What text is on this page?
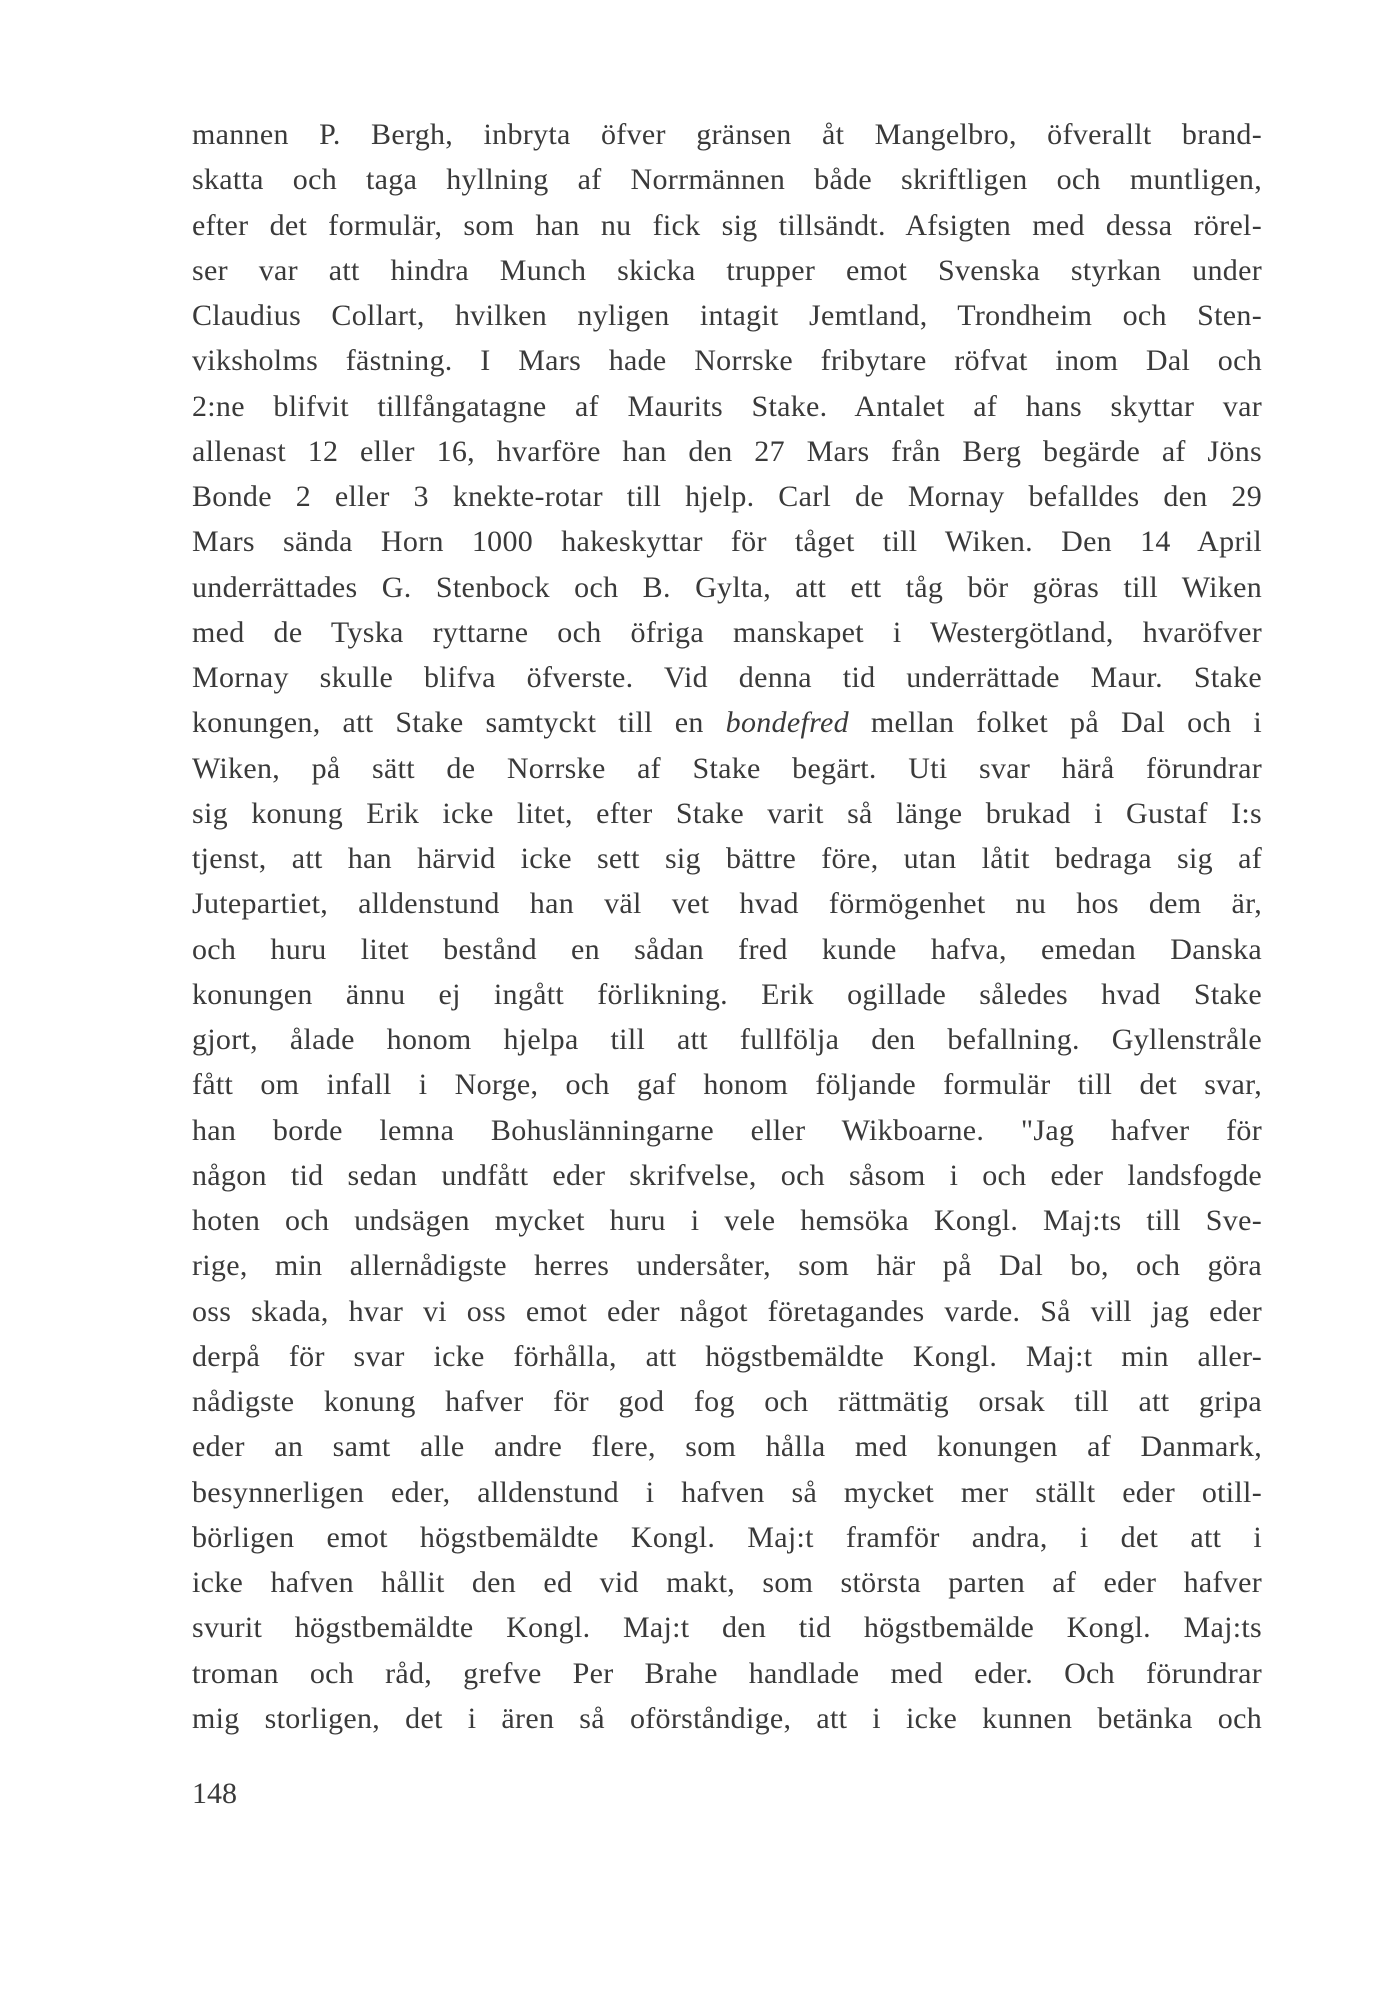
mannen P. Bergh, inbryta öfver gränsen åt Mangelbro, öfverallt brand-
skatta och taga hyllning af Norrmännen både skriftligen och muntligen,
efter det formulär, som han nu fick sig tillsändt. Afsigten med dessa rörel-
ser var att hindra Munch skicka trupper emot Svenska styrkan under
Claudius Collart, hvilken nyligen intagit Jemtland, Trondheim och Sten-
viksholms fästning. I Mars hade Norrske fribytare röfvat inom Dal och
2:ne blifvit tillfångatagne af Maurits Stake. Antalet af hans skyttar var
allenast 12 eller 16, hvarföre han den 27 Mars från Berg begärde af Jöns
Bonde 2 eller 3 knekte-rotar till hjelp. Carl de Mornay befalldes den 29
Mars sända Horn 1000 hakeskyttar för tåget till Wiken. Den 14 April
underrättades G. Stenbock och B. Gylta, att ett tåg bör göras till Wiken
med de Tyska ryttarne och öfriga manskapet i Westergötland, hvaröfver
Mornay skulle blifva öfverste. Vid denna tid underrättade Maur. Stake
konungen, att Stake samtyckt till en bondefred mellan folket på Dal och i
Wiken, på sätt de Norrske af Stake begärt. Uti svar härå förundrar
sig konung Erik icke litet, efter Stake varit så länge brukad i Gustaf I:s
tjenst, att han härvid icke sett sig bättre före, utan låtit bedraga sig af
Jutepartiet, alldenstund han väl vet hvad förmögenhet nu hos dem är,
och huru litet bestånd en sådan fred kunde hafva, emedan Danska
konungen ännu ej ingått förlikning. Erik ogillade således hvad Stake
gjort, ålade honom hjelpa till att fullfölja den befallning. Gyllenstråle
fått om infall i Norge, och gaf honom följande formulär till det svar,
han borde lemna Bohuslänningarne eller Wikboarne. "Jag hafver för
någon tid sedan undfått eder skrifvelse, och såsom i och eder landsfogde
hoten och undsägen mycket huru i vele hemsöka Kongl. Maj:ts till Sve-
rige, min allernådigste herres undersåter, som här på Dal bo, och göra
oss skada, hvar vi oss emot eder något företagandes varde. Så vill jag eder
derpå för svar icke förhålla, att högstbemäldte Kongl. Maj:t min aller-
nådigste konung hafver för god fog och rättmätig orsak till att gripa
eder an samt alle andre flere, som hålla med konungen af Danmark,
besynnerligen eder, alldenstund i hafven så mycket mer ställt eder otill-
börligen emot högstbemäldte Kongl. Maj:t framför andra, i det att i
icke hafven hållit den ed vid makt, som största parten af eder hafver
svurit högstbemäldte Kongl. Maj:t den tid högstbemälde Kongl. Maj:ts
troman och råd, grefve Per Brahe handlade med eder. Och förundrar
mig storligen, det i ären så oförståndige, att i icke kunnen betänka och
148
